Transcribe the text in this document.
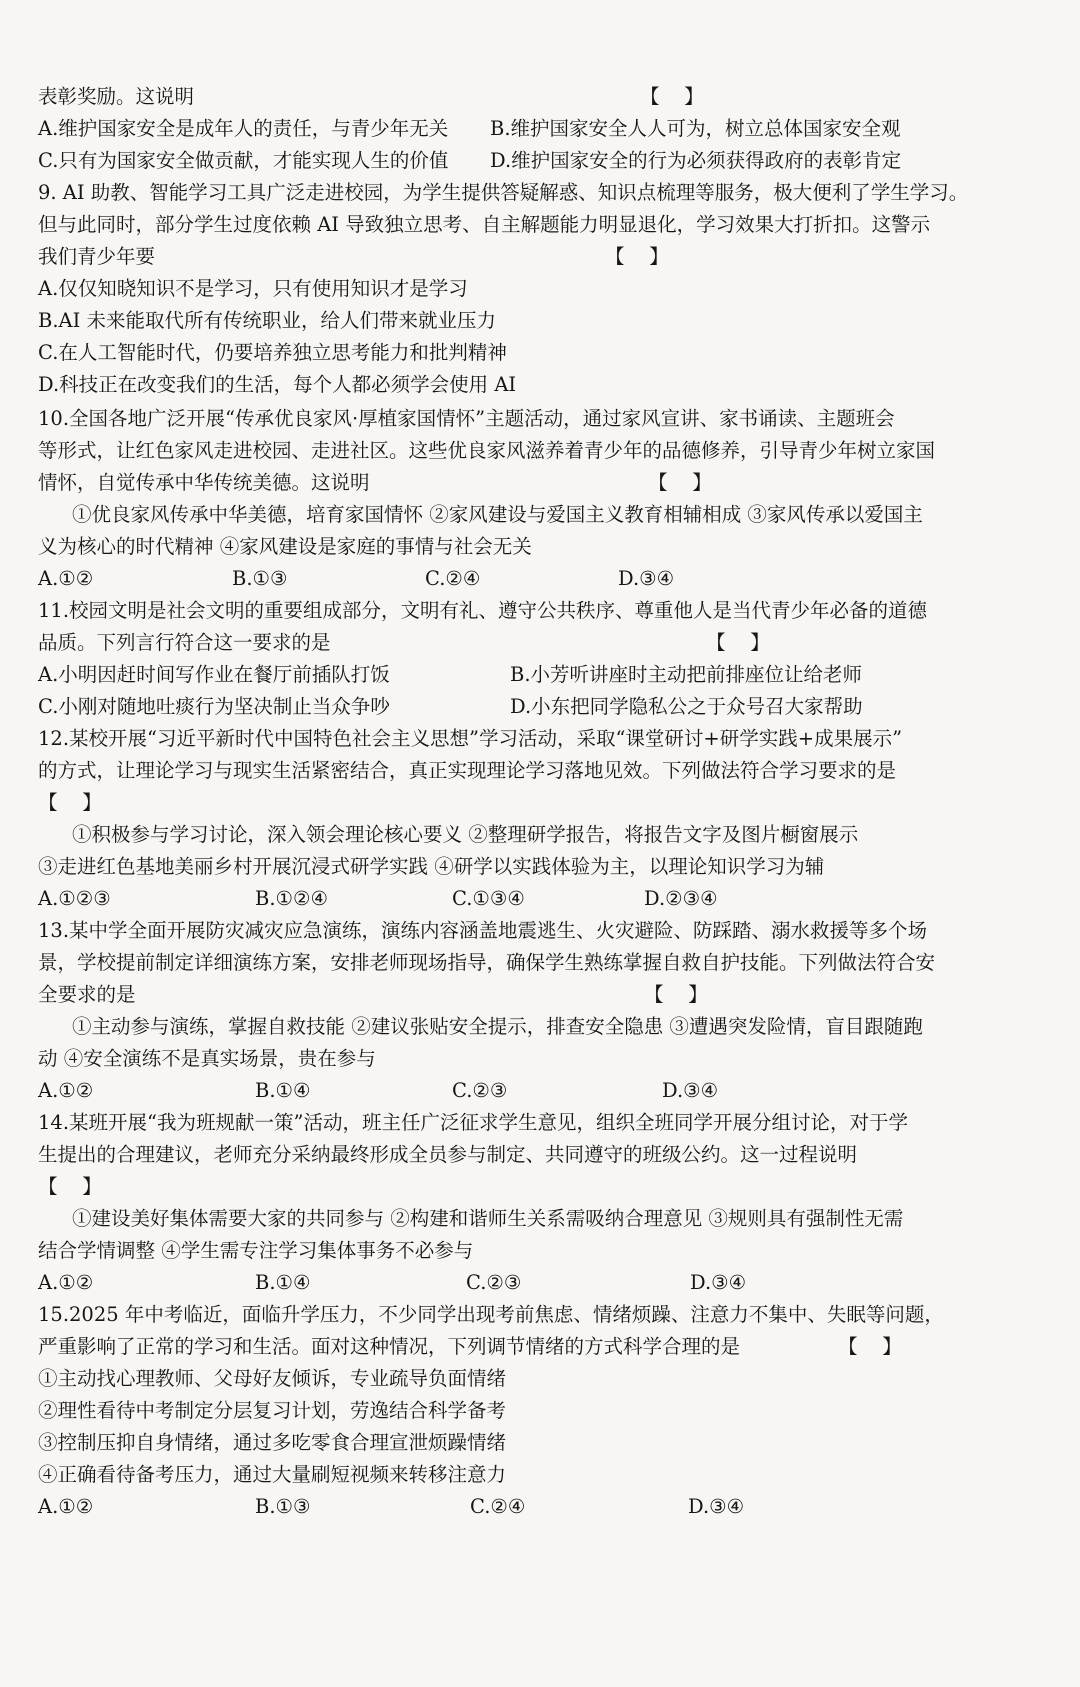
表彰奖励。这说明	【    】
A.维护国家安全是成年人的责任，与青少年无关 B.维护国家安全人人可为，树立总体国家安全观
C.只有为国家安全做贡献，才能实现人生的价值 D.维护国家安全的行为必须获得政府的表彰肯定
9. AI 助教、智能学习工具广泛走进校园，为学生提供答疑解惑、知识点梳理等服务，极大便利了学生学习。
但与此同时，部分学生过度依赖 AI 导致独立思考、自主解题能力明显退化，学习效果大打折扣。这警示
我们青少年要	【    】
A.仅仅知晓知识不是学习，只有使用知识才是学习
B.AI 未来能取代所有传统职业，给人们带来就业压力
C.在人工智能时代，仍要培养独立思考能力和批判精神
D.科技正在改变我们的生活，每个人都必须学会使用 AI
10.全国各地广泛开展“传承优良家风·厚植家国情怀”主题活动，通过家风宣讲、家书诵读、主题班会
等形式，让红色家风走进校园、走进社区。这些优良家风滋养着青少年的品德修养，引导青少年树立家国
情怀，自觉传承中华传统美德。这说明	【    】
①优良家风传承中华美德，培育家国情怀 ②家风建设与爱国主义教育相辅相成 ③家风传承以爱国主
义为核心的时代精神 ④家风建设是家庭的事情与社会无关
A.①②	B.①③	C.②④	D.③④
11.校园文明是社会文明的重要组成部分，文明有礼、遵守公共秩序、尊重他人是当代青少年必备的道德
品质。下列言行符合这一要求的是	【    】
A.小明因赶时间写作业在餐厅前插队打饭	B.小芳听讲座时主动把前排座位让给老师
C.小刚对随地吐痰行为坚决制止当众争吵	D.小东把同学隐私公之于众号召大家帮助
12.某校开展“习近平新时代中国特色社会主义思想”学习活动，采取“课堂研讨+研学实践+成果展示”
的方式，让理论学习与现实生活紧密结合，真正实现理论学习落地见效。下列做法符合学习要求的是
【    】
①积极参与学习讨论，深入领会理论核心要义 ②整理研学报告，将报告文字及图片橱窗展示
③走进红色基地美丽乡村开展沉浸式研学实践 ④研学以实践体验为主，以理论知识学习为辅
A.①②③	B.①②④	C.①③④	D.②③④
13.某中学全面开展防灾减灾应急演练，演练内容涵盖地震逃生、火灾避险、防踩踏、溺水救援等多个场
景，学校提前制定详细演练方案，安排老师现场指导，确保学生熟练掌握自救自护技能。下列做法符合安
全要求的是	【    】
①主动参与演练，掌握自救技能 ②建议张贴安全提示，排查安全隐患 ③遭遇突发险情，盲目跟随跑
动 ④安全演练不是真实场景，贵在参与
A.①②	B.①④	C.②③	D.③④
14.某班开展“我为班规献一策”活动，班主任广泛征求学生意见，组织全班同学开展分组讨论，对于学
生提出的合理建议，老师充分采纳最终形成全员参与制定、共同遵守的班级公约。这一过程说明
【    】
①建设美好集体需要大家的共同参与 ②构建和谐师生关系需吸纳合理意见 ③规则具有强制性无需
结合学情调整 ④学生需专注学习集体事务不必参与
A.①②	B.①④	C.②③	D.③④
15.2025 年中考临近，面临升学压力，不少同学出现考前焦虑、情绪烦躁、注意力不集中、失眠等问题，
严重影响了正常的学习和生活。面对这种情况，下列调节情绪的方式科学合理的是	【    】
①主动找心理教师、父母好友倾诉，专业疏导负面情绪
②理性看待中考制定分层复习计划，劳逸结合科学备考
③控制压抑自身情绪，通过多吃零食合理宣泄烦躁情绪
④正确看待备考压力，通过大量刷短视频来转移注意力
A.①②	B.①③	C.②④	D.③④
